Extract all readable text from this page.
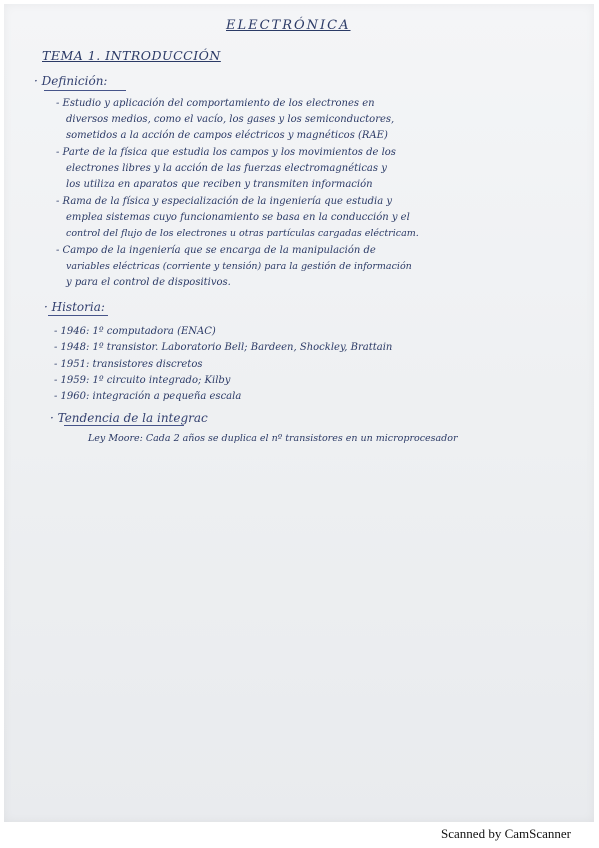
ELECTRÓNICA
TEMA 1. INTRODUCCIÓN
· Definición:
- Estudio y aplicación del comportamiento de los electrones en
diversos medios, como el vacío, los gases y los semiconductores,
sometidos a la acción de campos eléctricos y magnéticos (RAE)
- Parte de la física que estudia los campos y los movimientos de los
electrones libres y la acción de las fuerzas electromagnéticas y
los utiliza en aparatos que reciben y transmiten información
- Rama de la física y especialización de la ingeniería que estudia y
emplea sistemas cuyo funcionamiento se basa en la conducción y el
control del flujo de los electrones u otras partículas cargadas eléctricam.
- Campo de la ingeniería que se encarga de la manipulación de
variables eléctricas (corriente y tensión) para la gestión de información
y para el control de dispositivos.
· Historia:
- 1946: 1º computadora (ENAC)
- 1948: 1º transistor. Laboratorio Bell; Bardeen, Shockley, Brattain
- 1951: transistores discretos
- 1959: 1º circuito integrado; Kilby
- 1960: integración a pequeña escala
· Tendencia de la integrac
Ley Moore: Cada 2 años se duplica el nº transistores en un microprocesador
Scanned by CamScanner
